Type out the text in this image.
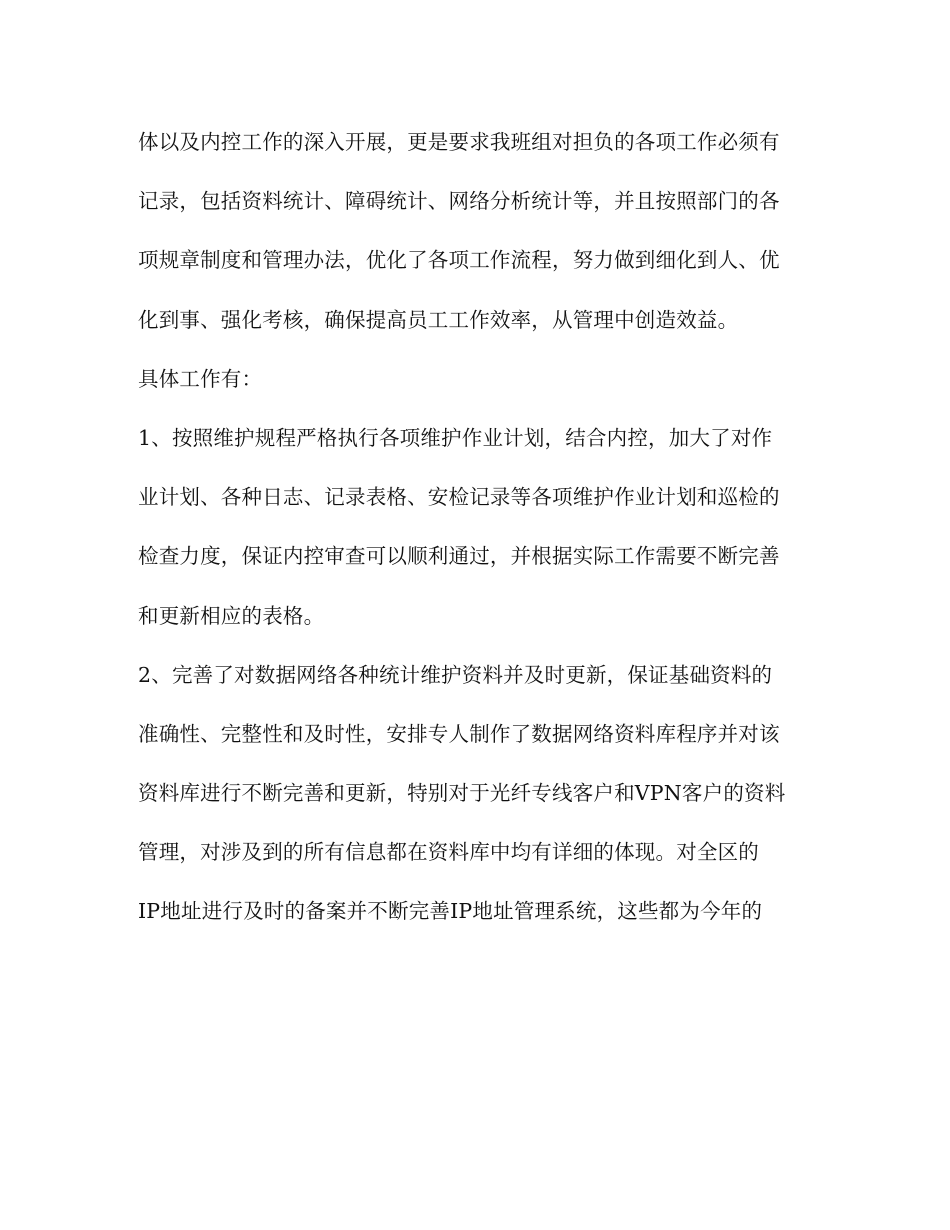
体以及内控工作的深入开展，更是要求我班组对担负的各项工作必须有
记录，包括资料统计、障碍统计、网络分析统计等，并且按照部门的各
项规章制度和管理办法，优化了各项工作流程，努力做到细化到人、优
化到事、强化考核，确保提高员工工作效率，从管理中创造效益。
具体工作有：
1、按照维护规程严格执行各项维护作业计划，结合内控，加大了对作
业计划、各种日志、记录表格、安检记录等各项维护作业计划和巡检的
检查力度，保证内控审查可以顺利通过，并根据实际工作需要不断完善
和更新相应的表格。
2、完善了对数据网络各种统计维护资料并及时更新，保证基础资料的
准确性、完整性和及时性，安排专人制作了数据网络资料库程序并对该
资料库进行不断完善和更新，特别对于光纤专线客户和VPN客户的资料
管理，对涉及到的所有信息都在资料库中均有详细的体现。对全区的
IP地址进行及时的备案并不断完善IP地址管理系统，这些都为今年的
